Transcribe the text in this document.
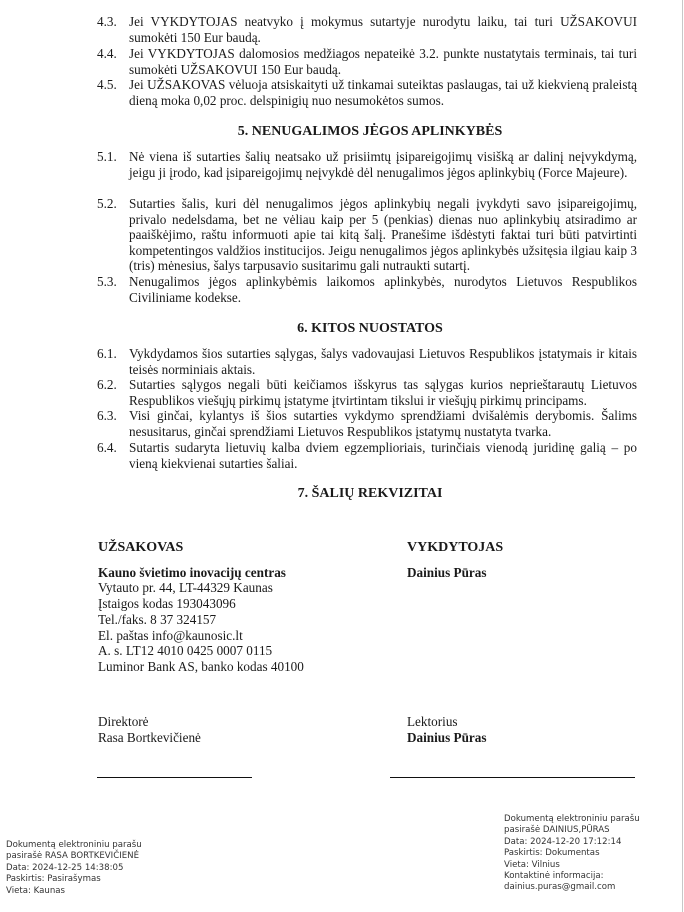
4.3. Jei VYKDYTOJAS neatvyko į mokymus sutartyje nurodytu laiku, tai turi UŽSAKOVUI sumokėti 150 Eur baudą.
4.4. Jei VYKDYTOJAS dalomosios medžiagos nepateikė 3.2. punkte nustatytais terminais, tai turi sumokėti UŽSAKOVUI 150 Eur baudą.
4.5. Jei UŽSAKOVAS vėluoja atsiskaityti už tinkamai suteiktas paslaugas, tai už kiekvieną praleistą dieną moka 0,02 proc. delspinigių nuo nesumokėtos sumos.
5. NENUGALIMOS JĖGOS APLINKYBĖS
5.1. Nė viena iš sutarties šalių neatsako už prisiimtų įsipareigojimų visišką ar dalinį neįvykdymą, jeigu ji įrodo, kad įsipareigojimų neįvykdė dėl nenugalimos jėgos aplinkybių (Force Majeure).
5.2. Sutarties šalis, kuri dėl nenugalimos jėgos aplinkybių negali įvykdyti savo įsipareigojimų, privalo nedelsdama, bet ne vėliau kaip per 5 (penkias) dienas nuo aplinkybių atsiradimo ar paaiškėjimo, raštu informuoti apie tai kitą šalį. Pranešime išdėstyti faktai turi būti patvirtinti kompetentingos valdžios institucijos. Jeigu nenugalimos jėgos aplinkybės užsitęsia ilgiau kaip 3 (tris) mėnesius, šalys tarpusavio susitarimu gali nutraukti sutartį.
5.3. Nenugalimos jėgos aplinkybėmis laikomos aplinkybės, nurodytos Lietuvos Respublikos Civiliniame kodekse.
6. KITOS NUOSTATOS
6.1. Vykdydamos šios sutarties sąlygas, šalys vadovaujasi Lietuvos Respublikos įstatymais ir kitais teisės norminiais aktais.
6.2. Sutarties sąlygos negali būti keičiamos išskyrus tas sąlygas kurios neprieštarautų Lietuvos Respublikos viešųjų pirkimų įstatyme įtvirtintam tikslui ir viešųjų pirkimų principams.
6.3. Visi ginčai, kylantys iš šios sutarties vykdymo sprendžiami dvišalėmis derybomis. Šalims nesusitarus, ginčai sprendžiami Lietuvos Respublikos įstatymų nustatyta tvarka.
6.4. Sutartis sudaryta lietuvių kalba dviem egzemplioriais, turinčiais vienodą juridinę galią – po vieną kiekvienai sutarties šaliai.
7. ŠALIŲ REKVIZITAI
UŽSAKOVAS
Kauno švietimo inovacijų centras
Vytauto pr. 44, LT-44329 Kaunas
Įstaigos kodas 193043096
Tel./faks. 8 37 324157
El. paštas info@kaunosic.lt
A. s. LT12 4010 0425 0007 0115
Luminor Bank AS, banko kodas 40100
VYKDYTOJAS
Dainius Pūras
Direktorė
Rasa Bortkevičienė
Lektorius
Dainius Pūras
Dokumentą elektroniniu parašu
pasirašė RASA BORTKEVIČIENĖ
Data: 2024-12-25 14:38:05
Paskirtis: Pasirašymas
Vieta: Kaunas
Dokumentą elektroniniu parašu
pasirašė DAINIUS,PŪRAS
Data: 2024-12-20 17:12:14
Paskirtis: Dokumentas
Vieta: Vilnius
Kontaktinė informacija:
dainius.puras@gmail.com
